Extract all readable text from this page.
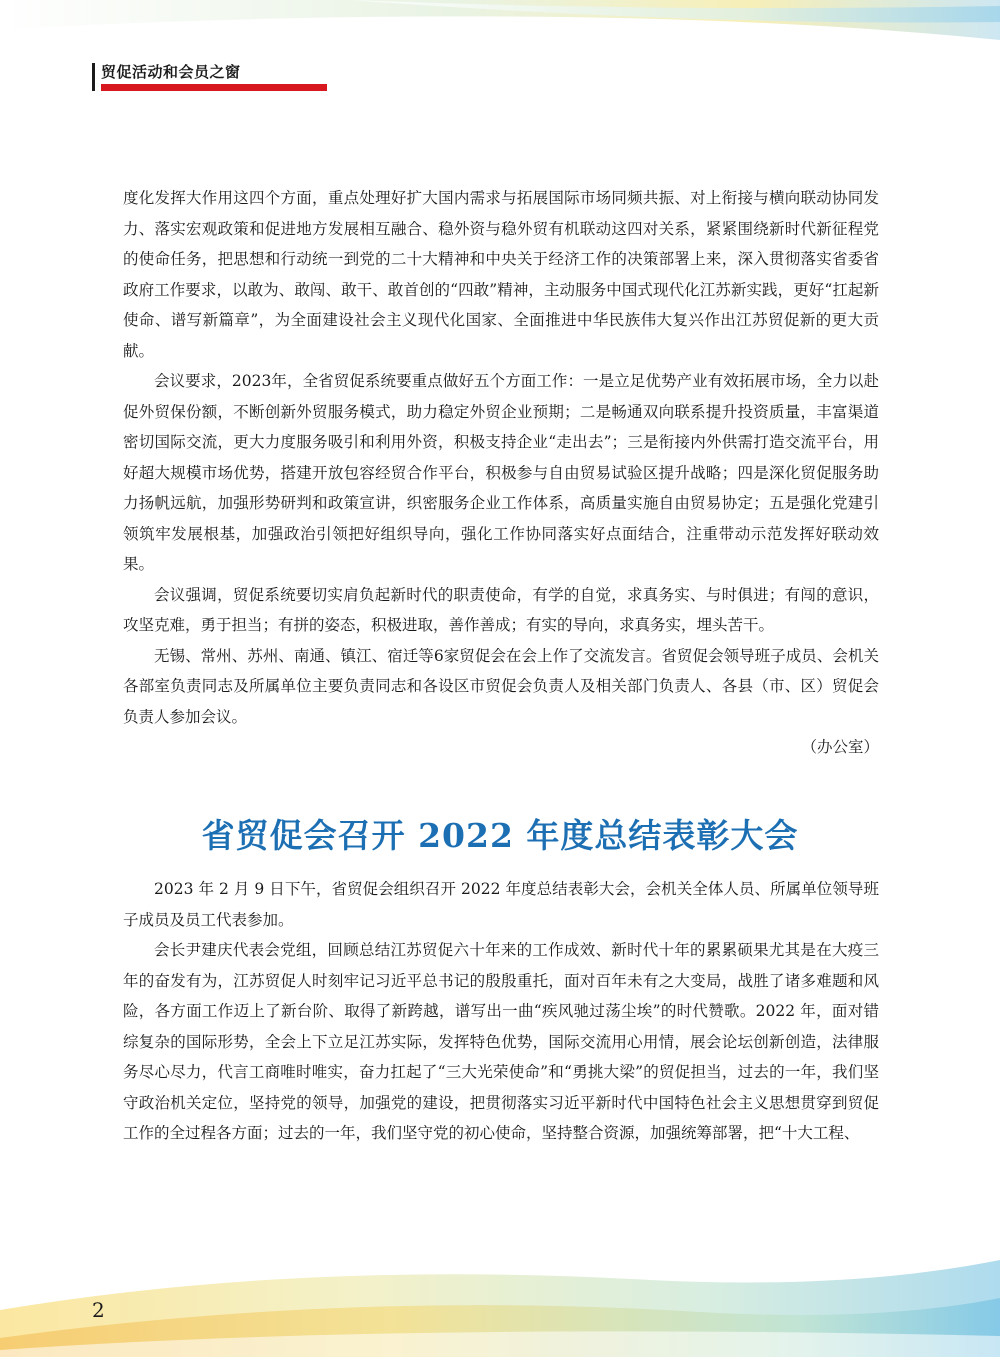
贸促活动和会员之窗

度化发挥大作用这四个方面，重点处理好扩大国内需求与拓展国际市场同频共振、对上衔接与横向联动协同发力、落实宏观政策和促进地方发展相互融合、稳外资与稳外贸有机联动这四对关系，紧紧围绕新时代新征程党的使命任务，把思想和行动统一到党的二十大精神和中央关于经济工作的决策部署上来，深入贯彻落实省委省政府工作要求，以敢为、敢闯、敢干、敢首创的“四敢”精神，主动服务中国式现代化江苏新实践，更好“扛起新使命、谱写新篇章”，为全面建设社会主义现代化国家、全面推进中华民族伟大复兴作出江苏贸促新的更大贡献。

会议要求，2023年，全省贸促系统要重点做好五个方面工作：一是立足优势产业有效拓展市场，全力以赴促外贸保份额，不断创新外贸服务模式，助力稳定外贸企业预期；二是畅通双向联系提升投资质量，丰富渠道密切国际交流，更大力度服务吸引和利用外资，积极支持企业“走出去”；三是衔接内外供需打造交流平台，用好超大规模市场优势，搭建开放包容经贸合作平台，积极参与自由贸易试验区提升战略；四是深化贸促服务助力扬帆远航，加强形势研判和政策宣讲，织密服务企业工作体系，高质量实施自由贸易协定；五是强化党建引领筑牢发展根基，加强政治引领把好组织导向，强化工作协同落实好点面结合，注重带动示范发挥好联动效果。

会议强调，贸促系统要切实肩负起新时代的职责使命，有学的自觉，求真务实、与时俱进；有闯的意识，攻坚克难，勇于担当；有拼的姿态，积极进取，善作善成；有实的导向，求真务实，埋头苦干。

无锡、常州、苏州、南通、镇江、宿迁等6家贸促会在会上作了交流发言。省贸促会领导班子成员、会机关各部室负责同志及所属单位主要负责同志和各设区市贸促会负责人及相关部门负责人、各县（市、区）贸促会负责人参加会议。

（办公室）

省贸促会召开 2022 年度总结表彰大会

2023 年 2 月 9 日下午，省贸促会组织召开 2022 年度总结表彰大会，会机关全体人员、所属单位领导班子成员及员工代表参加。

会长尹建庆代表会党组，回顾总结江苏贸促六十年来的工作成效、新时代十年的累累硕果尤其是在大疫三年的奋发有为，江苏贸促人时刻牢记习近平总书记的殷殷重托，面对百年未有之大变局，战胜了诸多难题和风险，各方面工作迈上了新台阶、取得了新跨越，谱写出一曲“疾风驰过荡尘埃”的时代赞歌。2022 年，面对错综复杂的国际形势，全会上下立足江苏实际，发挥特色优势，国际交流用心用情，展会论坛创新创造，法律服务尽心尽力，代言工商唯时唯实，奋力扛起了“三大光荣使命”和“勇挑大梁”的贸促担当，过去的一年，我们坚守政治机关定位，坚持党的领导，加强党的建设，把贯彻落实习近平新时代中国特色社会主义思想贯穿到贸促工作的全过程各方面；过去的一年，我们坚守党的初心使命，坚持整合资源，加强统筹部署，把“十大工程、

2
